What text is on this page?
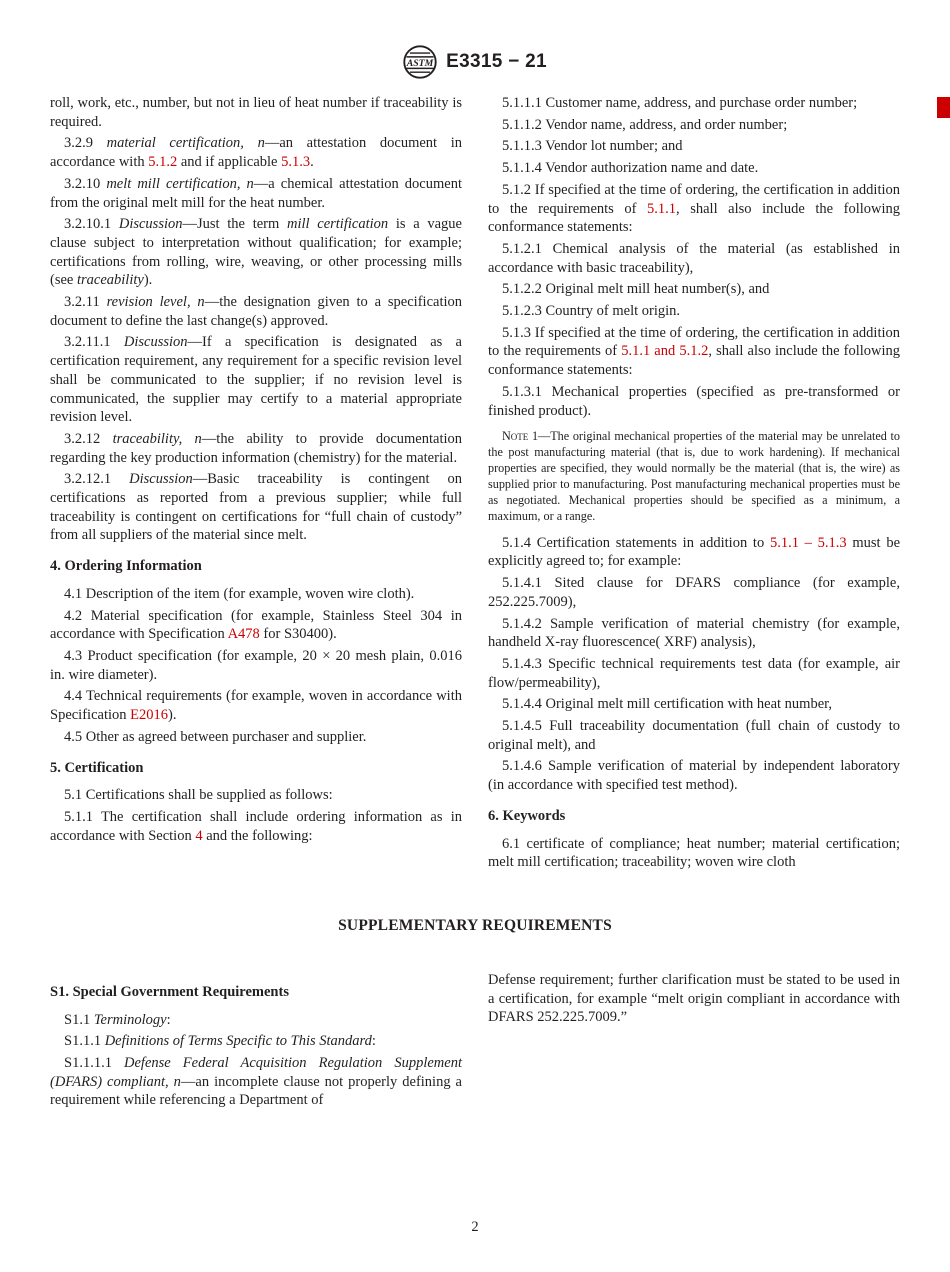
ASTM E3315 − 21

roll, work, etc., number, but not in lieu of heat number if traceability is required.

3.2.9 material certification, n—an attestation document in accordance with 5.1.2 and if applicable 5.1.3.

3.2.10 melt mill certification, n—a chemical attestation document from the original melt mill for the heat number.

3.2.10.1 Discussion—Just the term mill certification is a vague clause subject to interpretation without qualification; for example; certifications from rolling, wire, weaving, or other processing mills (see traceability).

3.2.11 revision level, n—the designation given to a specification document to define the last change(s) approved.

3.2.11.1 Discussion—If a specification is designated as a certification requirement, any requirement for a specific revision level shall be communicated to the supplier; if no revision level is communicated, the supplier may certify to a material appropriate revision level.

3.2.12 traceability, n—the ability to provide documentation regarding the key production information (chemistry) for the material.

3.2.12.1 Discussion—Basic traceability is contingent on certifications as reported from a previous supplier; while full traceability is contingent on certifications for “full chain of custody” from all suppliers of the material since melt.

4. Ordering Information

4.1 Description of the item (for example, woven wire cloth).

4.2 Material specification (for example, Stainless Steel 304 in accordance with Specification A478 for S30400).

4.3 Product specification (for example, 20 × 20 mesh plain, 0.016 in. wire diameter).

4.4 Technical requirements (for example, woven in accordance with Specification E2016).

4.5 Other as agreed between purchaser and supplier.

5. Certification

5.1 Certifications shall be supplied as follows:

5.1.1 The certification shall include ordering information as in accordance with Section 4 and the following:

5.1.1.1 Customer name, address, and purchase order number;

5.1.1.2 Vendor name, address, and order number;

5.1.1.3 Vendor lot number; and

5.1.1.4 Vendor authorization name and date.

5.1.2 If specified at the time of ordering, the certification in addition to the requirements of 5.1.1, shall also include the following conformance statements:

5.1.2.1 Chemical analysis of the material (as established in accordance with basic traceability),

5.1.2.2 Original melt mill heat number(s), and

5.1.2.3 Country of melt origin.

5.1.3 If specified at the time of ordering, the certification in addition to the requirements of 5.1.1 and 5.1.2, shall also include the following conformance statements:

5.1.3.1 Mechanical properties (specified as pre-transformed or finished product).

Note 1—The original mechanical properties of the material may be unrelated to the post manufacturing material (that is, due to work hardening). If mechanical properties are specified, they would normally be the material (that is, the wire) as supplied prior to manufacturing. Post manufacturing mechanical properties must be as negotiated. Mechanical properties should be specified as a minimum, a maximum, or a range.

5.1.4 Certification statements in addition to 5.1.1 – 5.1.3 must be explicitly agreed to; for example:

5.1.4.1 Sited clause for DFARS compliance (for example, 252.225.7009),

5.1.4.2 Sample verification of material chemistry (for example, handheld X-ray fluorescence( XRF) analysis),

5.1.4.3 Specific technical requirements test data (for example, air flow/permeability),

5.1.4.4 Original melt mill certification with heat number,

5.1.4.5 Full traceability documentation (full chain of custody to original melt), and

5.1.4.6 Sample verification of material by independent laboratory (in accordance with specified test method).

6. Keywords

6.1 certificate of compliance; heat number; material certification; melt mill certification; traceability; woven wire cloth

SUPPLEMENTARY REQUIREMENTS

S1. Special Government Requirements

S1.1 Terminology:

S1.1.1 Definitions of Terms Specific to This Standard:

S1.1.1.1 Defense Federal Acquisition Regulation Supplement (DFARS) compliant, n—an incomplete clause not properly defining a requirement while referencing a Department of

Defense requirement; further clarification must be stated to be used in a certification, for example “melt origin compliant in accordance with DFARS 252.225.7009.”

2
